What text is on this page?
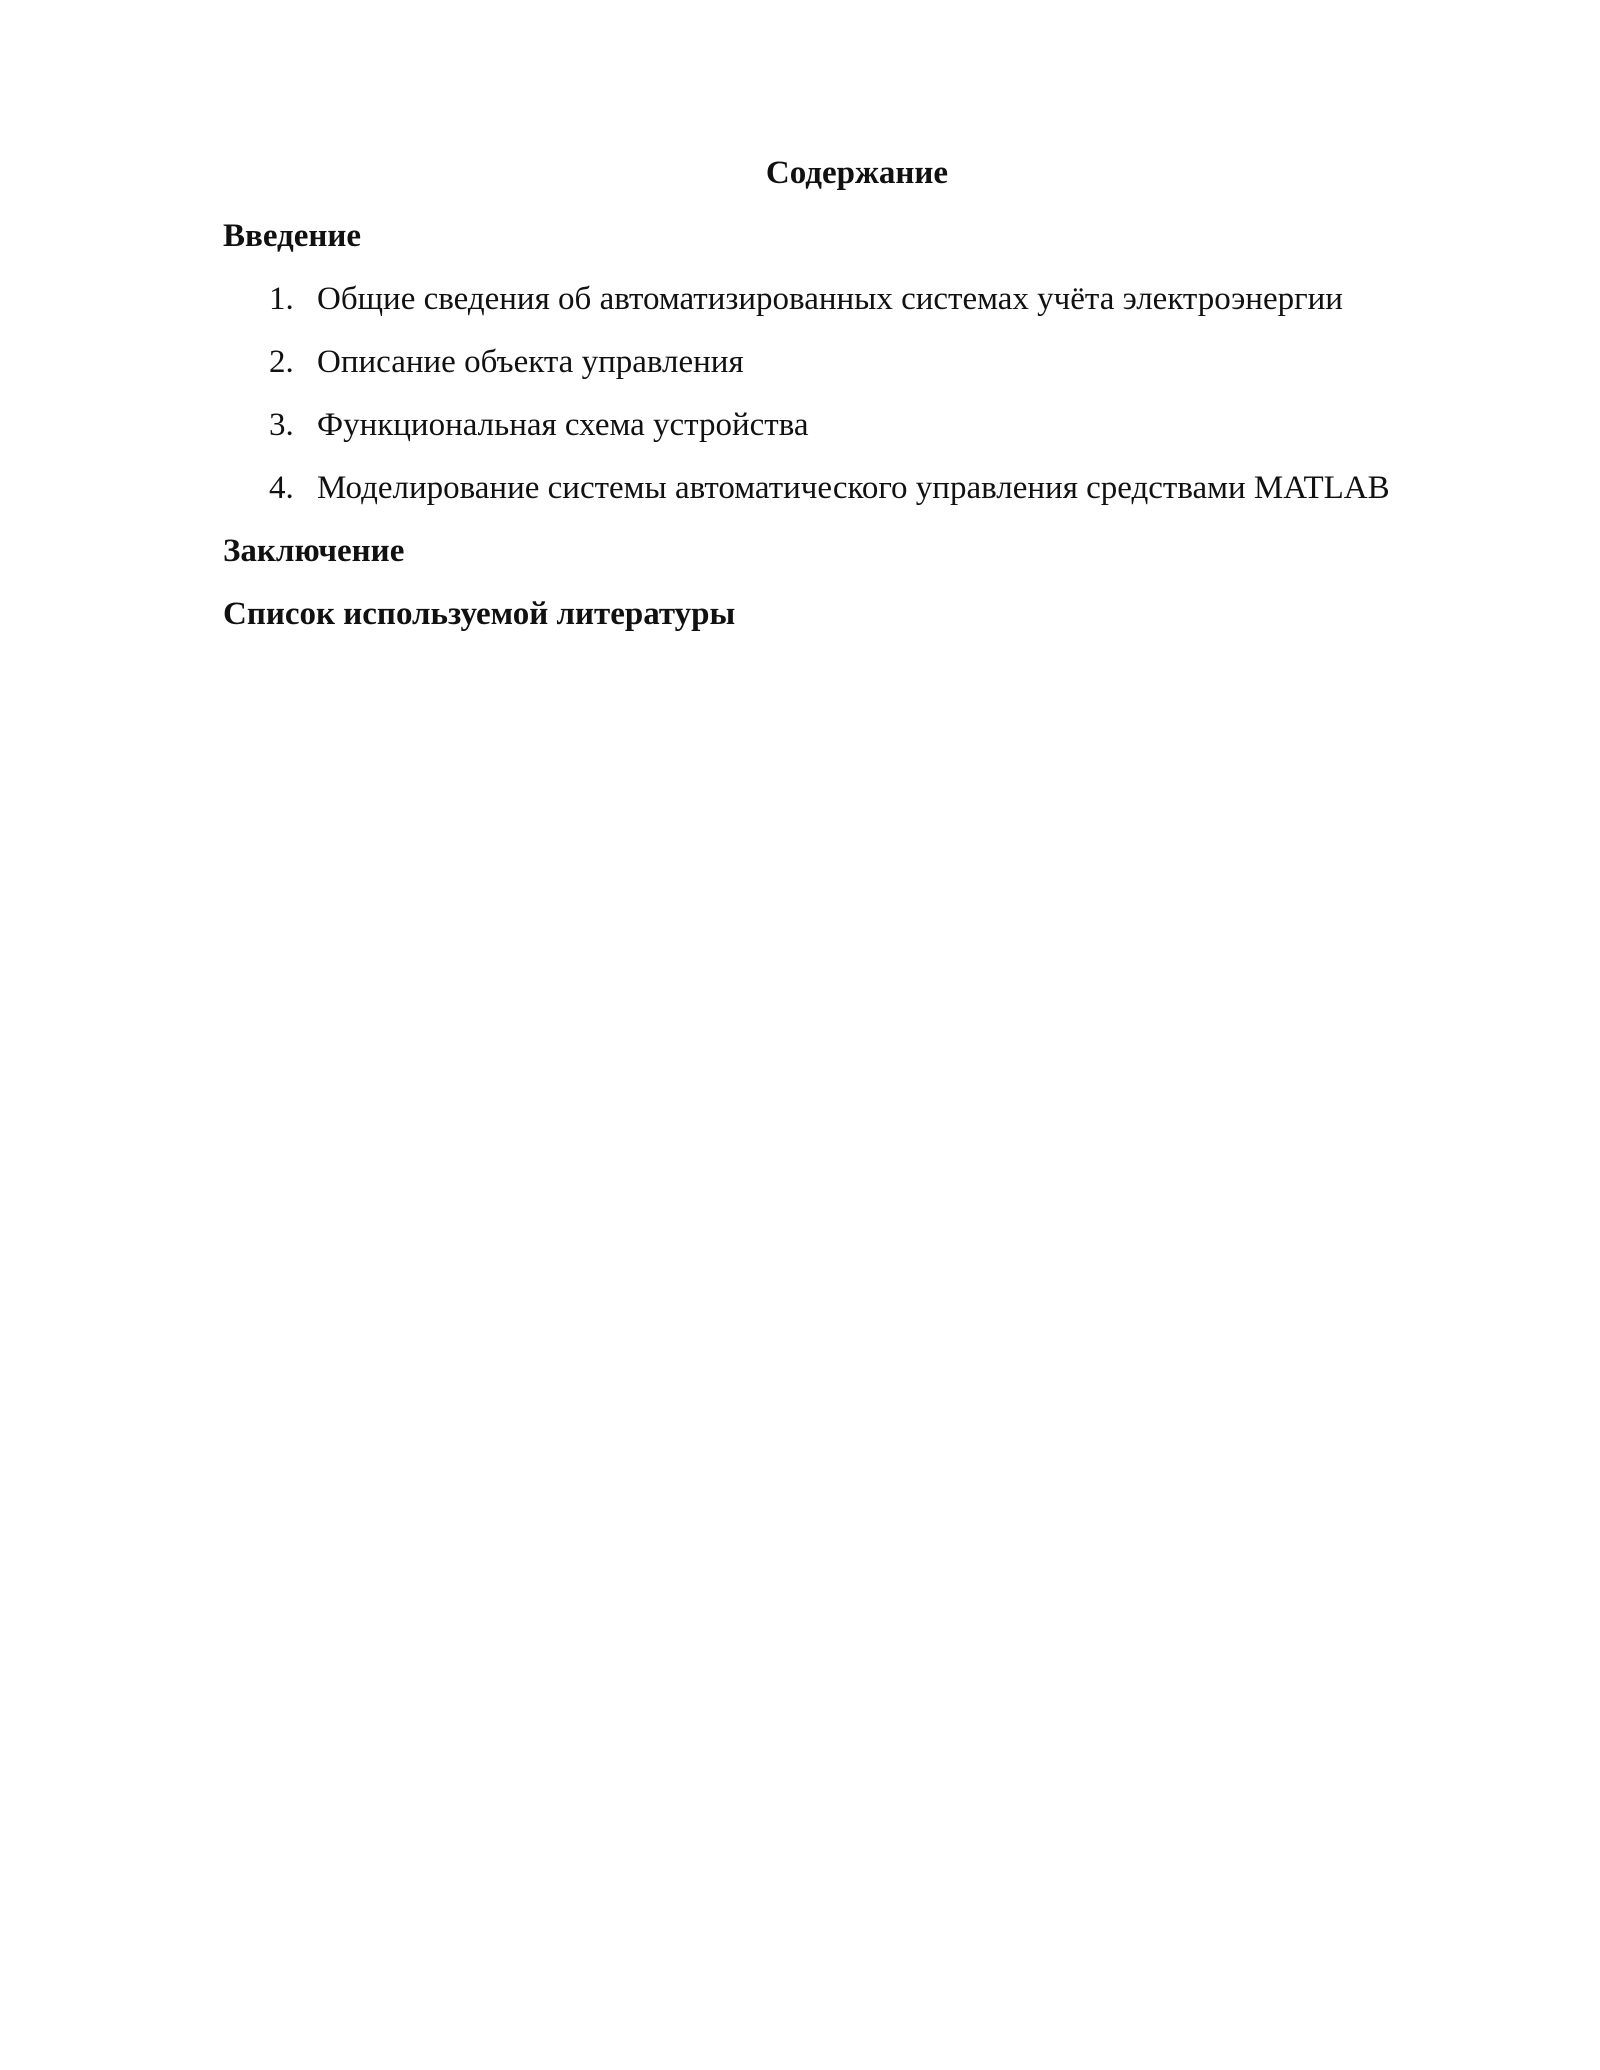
Содержание
Введение
1. Общие сведения об автоматизированных системах учёта электроэнергии
2. Описание объекта управления
3. Функциональная схема устройства
4. Моделирование системы автоматического управления средствами MATLAB
Заключение
Список используемой литературы
